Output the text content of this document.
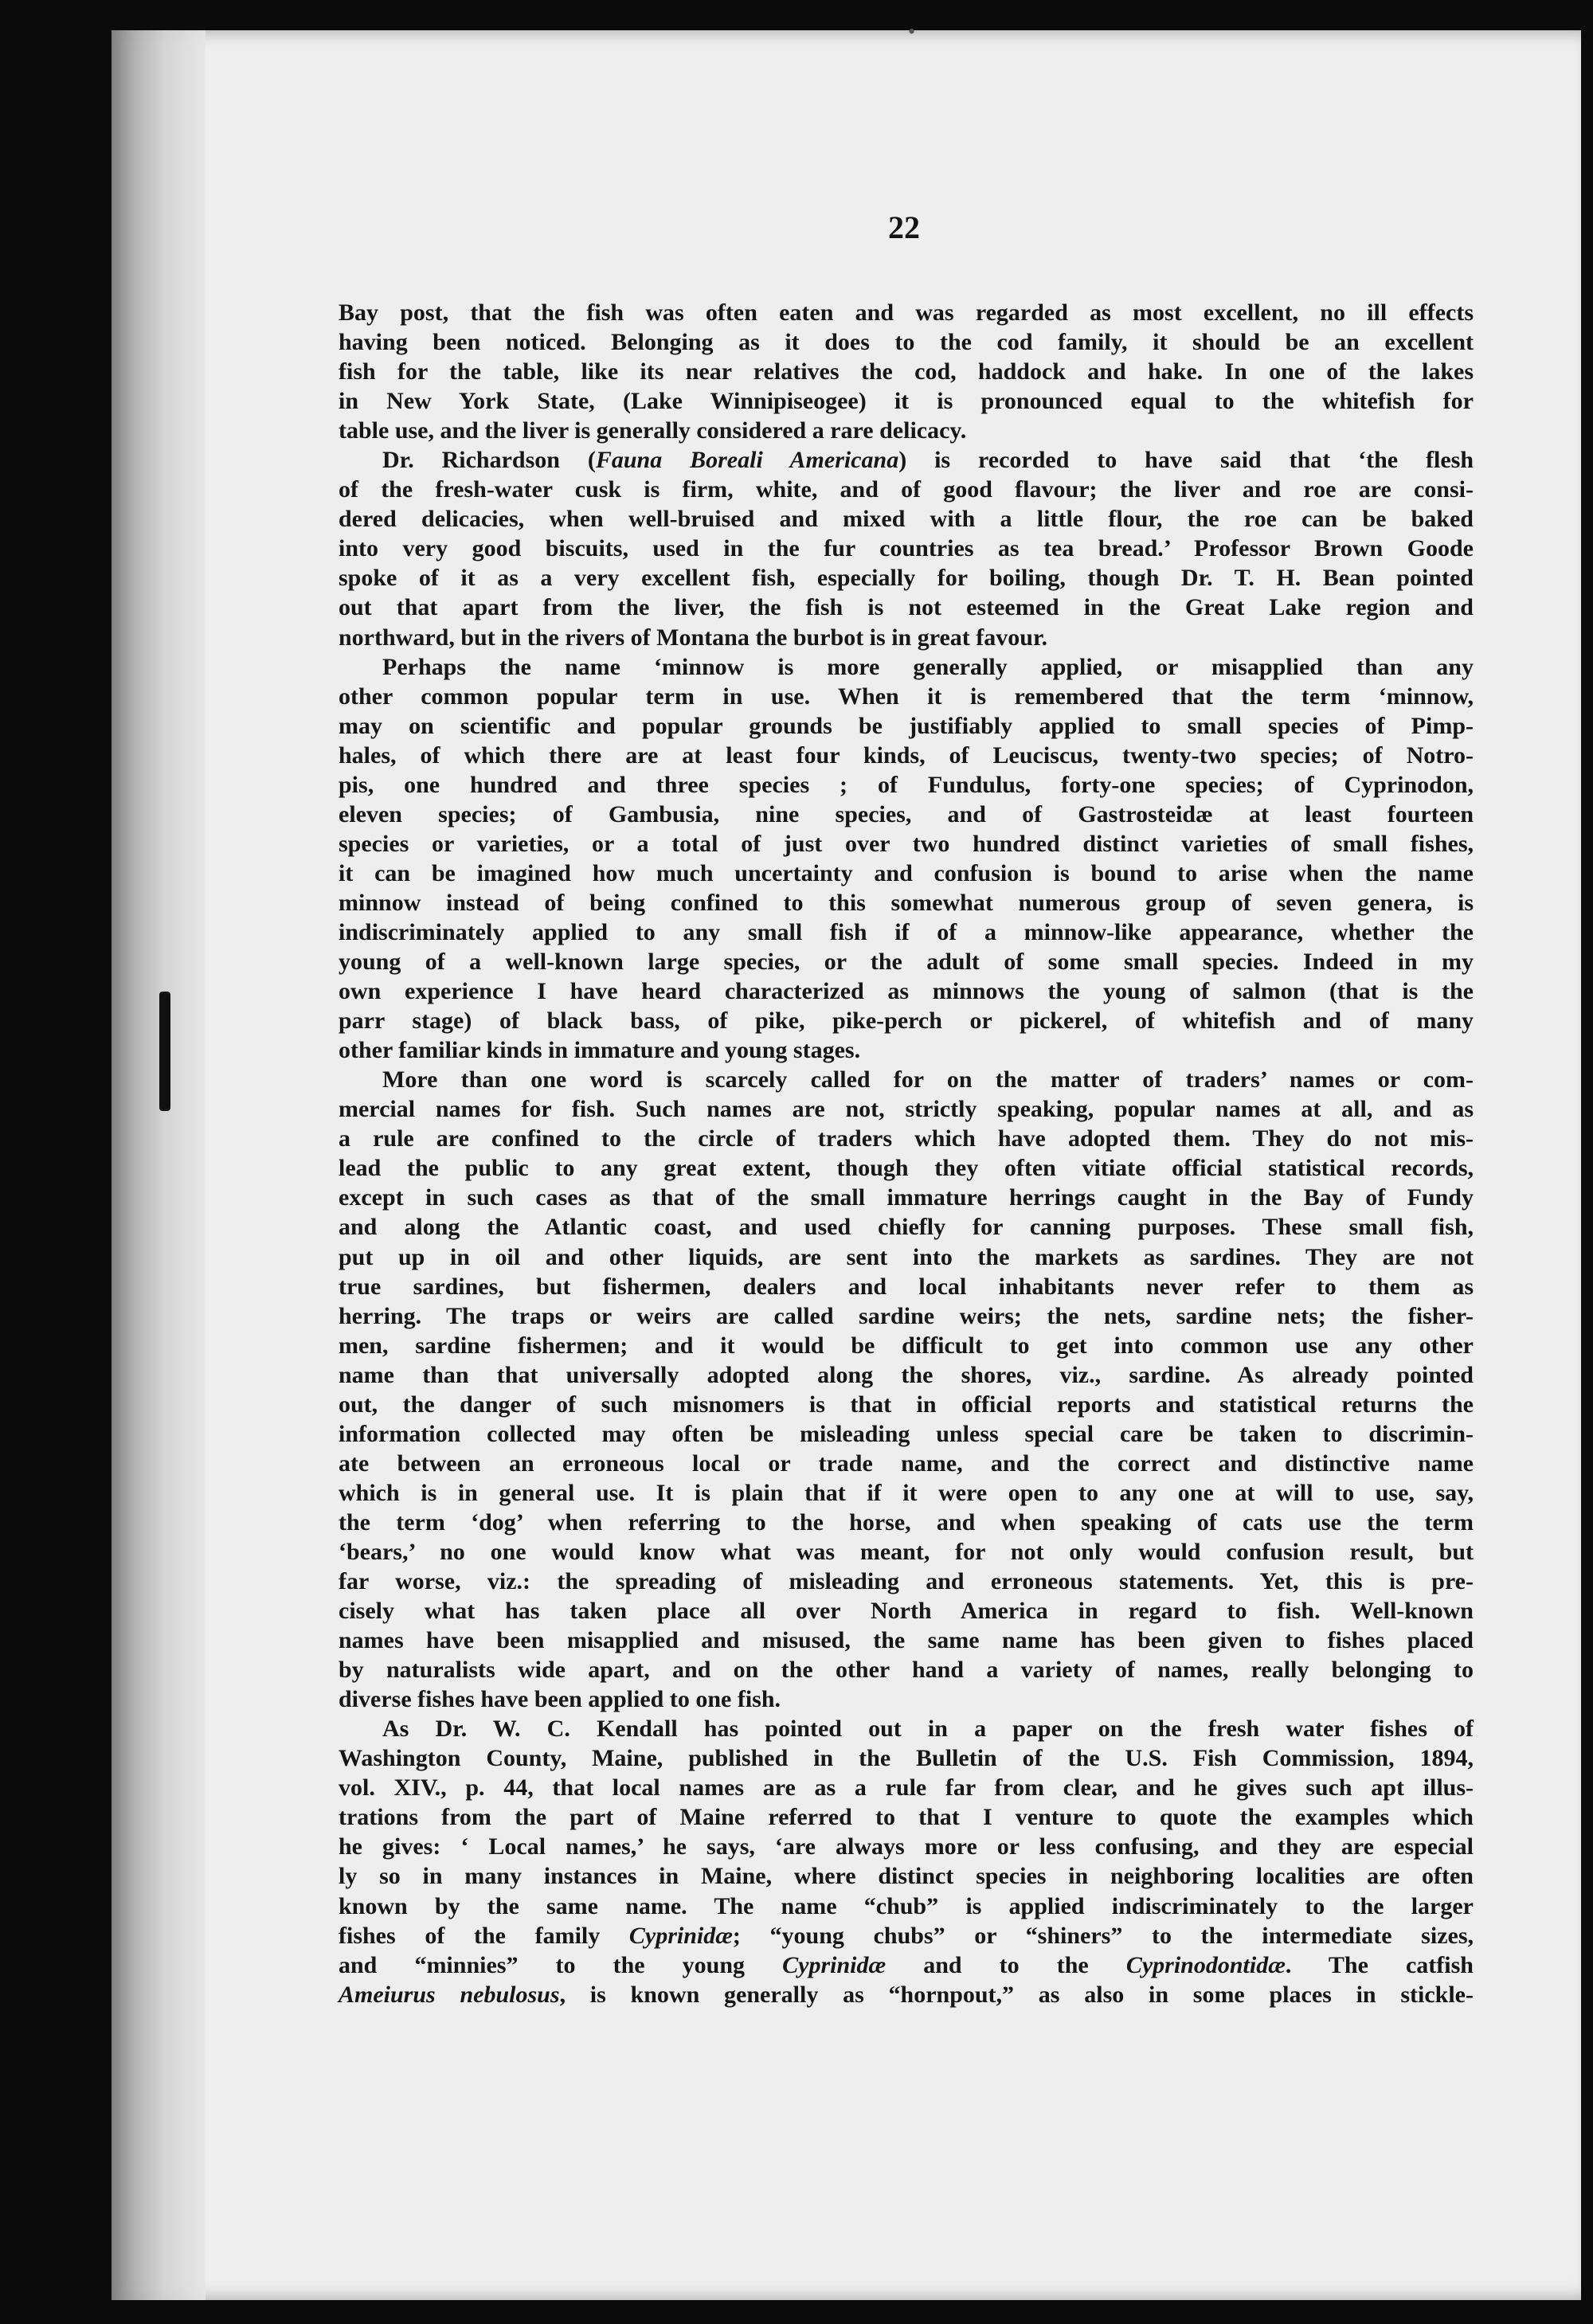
•
22
Bay post, that the fish was often eaten and was regarded as most excellent, no ill effects
having been noticed. Belonging as it does to the cod family, it should be an excellent
fish for the table, like its near relatives the cod, haddock and hake. In one of the lakes
in New York State, (Lake Winnipiseogee) it is pronounced equal to the whitefish for
table use, and the liver is generally considered a rare delicacy.
Dr. Richardson (Fauna Boreali Americana) is recorded to have said that ‘the flesh
of the fresh-water cusk is firm, white, and of good flavour; the liver and roe are consi-
dered delicacies, when well-bruised and mixed with a little flour, the roe can be baked
into very good biscuits, used in the fur countries as tea bread.’ Professor Brown Goode
spoke of it as a very excellent fish, especially for boiling, though Dr. T. H. Bean pointed
out that apart from the liver, the fish is not esteemed in the Great Lake region and
northward, but in the rivers of Montana the burbot is in great favour.
Perhaps the name ‘minnow is more generally applied, or misapplied than any
other common popular term in use. When it is remembered that the term ‘minnow,
may on scientific and popular grounds be justifiably applied to small species of Pimp-
hales, of which there are at least four kinds, of Leuciscus, twenty-two species; of Notro-
pis, one hundred and three species ; of Fundulus, forty-one species; of Cyprinodon,
eleven species; of Gambusia, nine species, and of Gastrosteidæ at least fourteen
species or varieties, or a total of just over two hundred distinct varieties of small fishes,
it can be imagined how much uncertainty and confusion is bound to arise when the name
minnow instead of being confined to this somewhat numerous group of seven genera, is
indiscriminately applied to any small fish if of a minnow-like appearance, whether the
young of a well-known large species, or the adult of some small species. Indeed in my
own experience I have heard characterized as minnows the young of salmon (that is the
parr stage) of black bass, of pike, pike-perch or pickerel, of whitefish and of many
other familiar kinds in immature and young stages.
More than one word is scarcely called for on the matter of traders’ names or com-
mercial names for fish. Such names are not, strictly speaking, popular names at all, and as
a rule are confined to the circle of traders which have adopted them. They do not mis-
lead the public to any great extent, though they often vitiate official statistical records,
except in such cases as that of the small immature herrings caught in the Bay of Fundy
and along the Atlantic coast, and used chiefly for canning purposes. These small fish,
put up in oil and other liquids, are sent into the markets as sardines. They are not
true sardines, but fishermen, dealers and local inhabitants never refer to them as
herring. The traps or weirs are called sardine weirs; the nets, sardine nets; the fisher-
men, sardine fishermen; and it would be difficult to get into common use any other
name than that universally adopted along the shores, viz., sardine. As already pointed
out, the danger of such misnomers is that in official reports and statistical returns the
information collected may often be misleading unless special care be taken to discrimin-
ate between an erroneous local or trade name, and the correct and distinctive name
which is in general use. It is plain that if it were open to any one at will to use, say,
the term ‘dog’ when referring to the horse, and when speaking of cats use the term
‘bears,’ no one would know what was meant, for not only would confusion result, but
far worse, viz.: the spreading of misleading and erroneous statements. Yet, this is pre-
cisely what has taken place all over North America in regard to fish. Well-known
names have been misapplied and misused, the same name has been given to fishes placed
by naturalists wide apart, and on the other hand a variety of names, really belonging to
diverse fishes have been applied to one fish.
As Dr. W. C. Kendall has pointed out in a paper on the fresh water fishes of
Washington County, Maine, published in the Bulletin of the U.S. Fish Commission, 1894,
vol. XIV., p. 44, that local names are as a rule far from clear, and he gives such apt illus-
trations from the part of Maine referred to that I venture to quote the examples which
he gives: ‘ Local names,’ he says, ‘are always more or less confusing, and they are especial
ly so in many instances in Maine, where distinct species in neighboring localities are often
known by the same name. The name “chub” is applied indiscriminately to the larger
fishes of the family Cyprinidæ; “young chubs” or “shiners” to the intermediate sizes,
and “minnies” to the young Cyprinidæ and to the Cyprinodontidæ. The catfish
Ameiurus nebulosus, is known generally as “hornpout,” as also in some places in stickle-
